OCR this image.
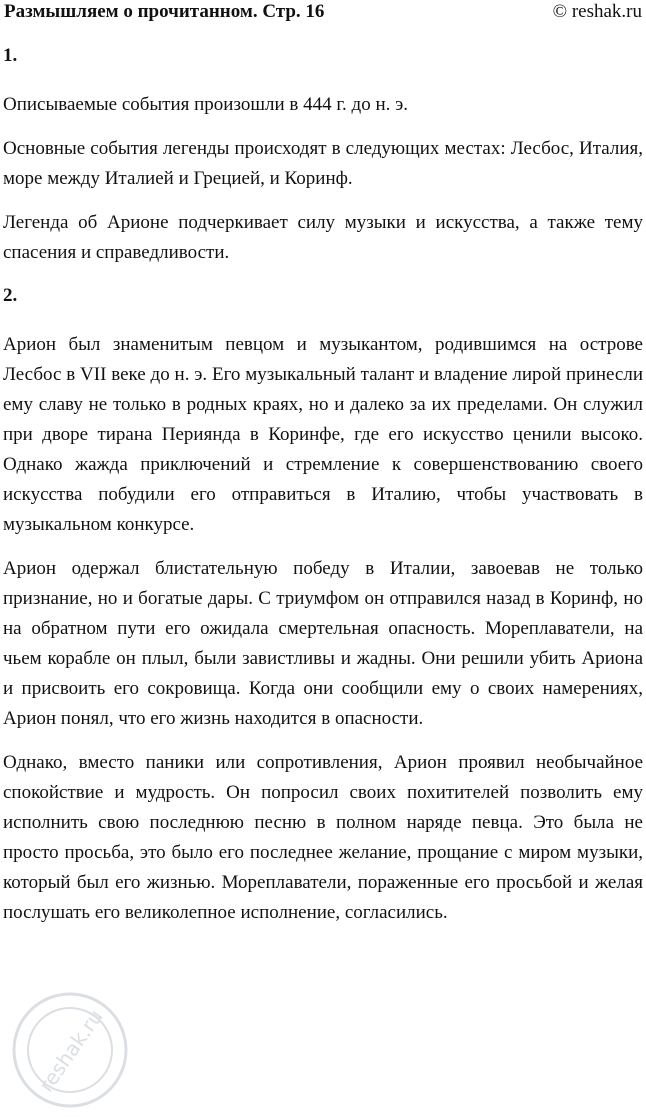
Размышляем о прочитанном. Стр. 16	© reshak.ru
1.

Описываемые события произошли в 444 г. до н. э.

Основные события легенды происходят в следующих местах: Лесбос, Италия, море между Италией и Грецией, и Коринф.

Легенда об Арионе подчеркивает силу музыки и искусства, а также тему спасения и справедливости.

2.

Арион был знаменитым певцом и музыкантом, родившимся на острове Лесбос в VII веке до н. э. Его музыкальный талант и владение лирой принесли ему славу не только в родных краях, но и далеко за их пределами. Он служил при дворе тирана Периянда в Коринфе, где его искусство ценили высоко. Однако жажда приключений и стремление к совершенствованию своего искусства побудили его отправиться в Италию, чтобы участвовать в музыкальном конкурсе.

Арион одержал блистательную победу в Италии, завоевав не только признание, но и богатые дары. С триумфом он отправился назад в Коринф, но на обратном пути его ожидала смертельная опасность. Мореплаватели, на чьем корабле он плыл, были завистливы и жадны. Они решили убить Ариона и присвоить его сокровища. Когда они сообщили ему о своих намерениях, Арион понял, что его жизнь находится в опасности.

Однако, вместо паники или сопротивления, Арион проявил необычайное спокойствие и мудрость. Он попросил своих похитителей позволить ему исполнить свою последнюю песню в полном наряде певца. Это была не просто просьба, это было его последнее желание, прощание с миром музыки, который был его жизнью. Мореплаватели, пораженные его просьбой и желая послушать его великолепное исполнение, согласились.

reshak.ru
